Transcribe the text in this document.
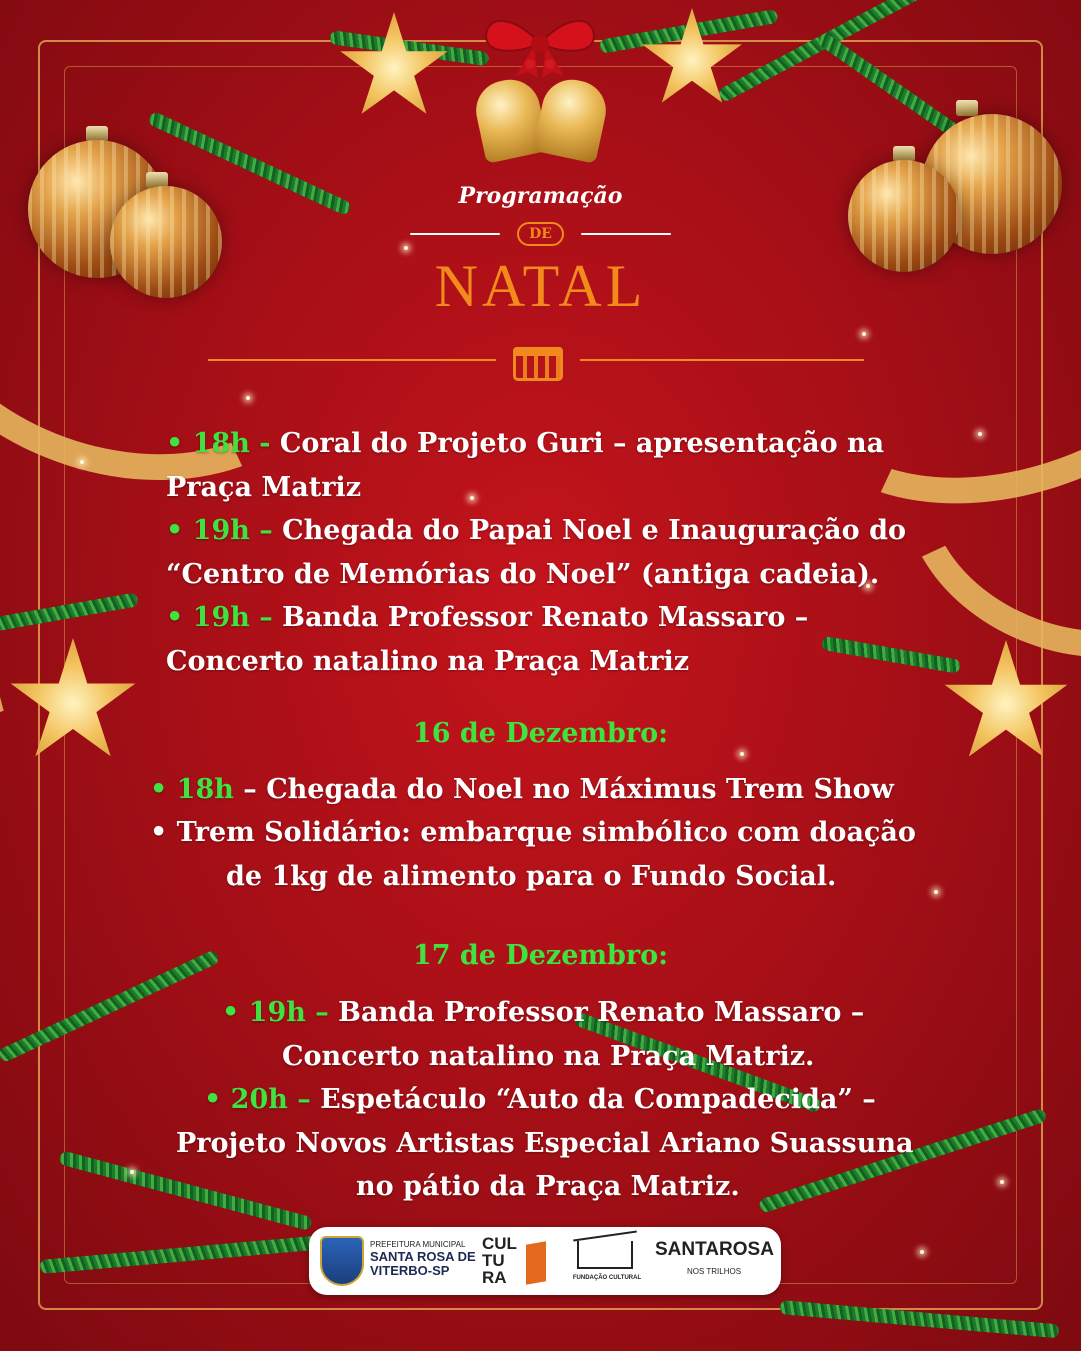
Programação
DE
NATAL
• 18h - Coral do Projeto Guri – apresentação na
Praça Matriz
• 19h – Chegada do Papai Noel e Inauguração do
“Centro de Memórias do Noel” (antiga cadeia).
• 19h – Banda Professor Renato Massaro –
Concerto natalino na Praça Matriz
16 de Dezembro:
• 18h – Chegada do Noel no Máximus Trem Show
• Trem Solidário: embarque simbólico com doação
de 1kg de alimento para o Fundo Social.
17 de Dezembro:
• 19h – Banda Professor Renato Massaro –
Concerto natalino na Praça Matriz.
• 20h – Espetáculo “Auto da Compadecida” –
Projeto Novos Artistas Especial Ariano Suassuna
no pátio da Praça Matriz.
PREFEITURA MUNICIPAL
SANTA ROSA DE VITERBO-SP
CUL TU RA	FUNDAÇÃO CULTURAL
SANTAROSA
NOS TRILHOS
